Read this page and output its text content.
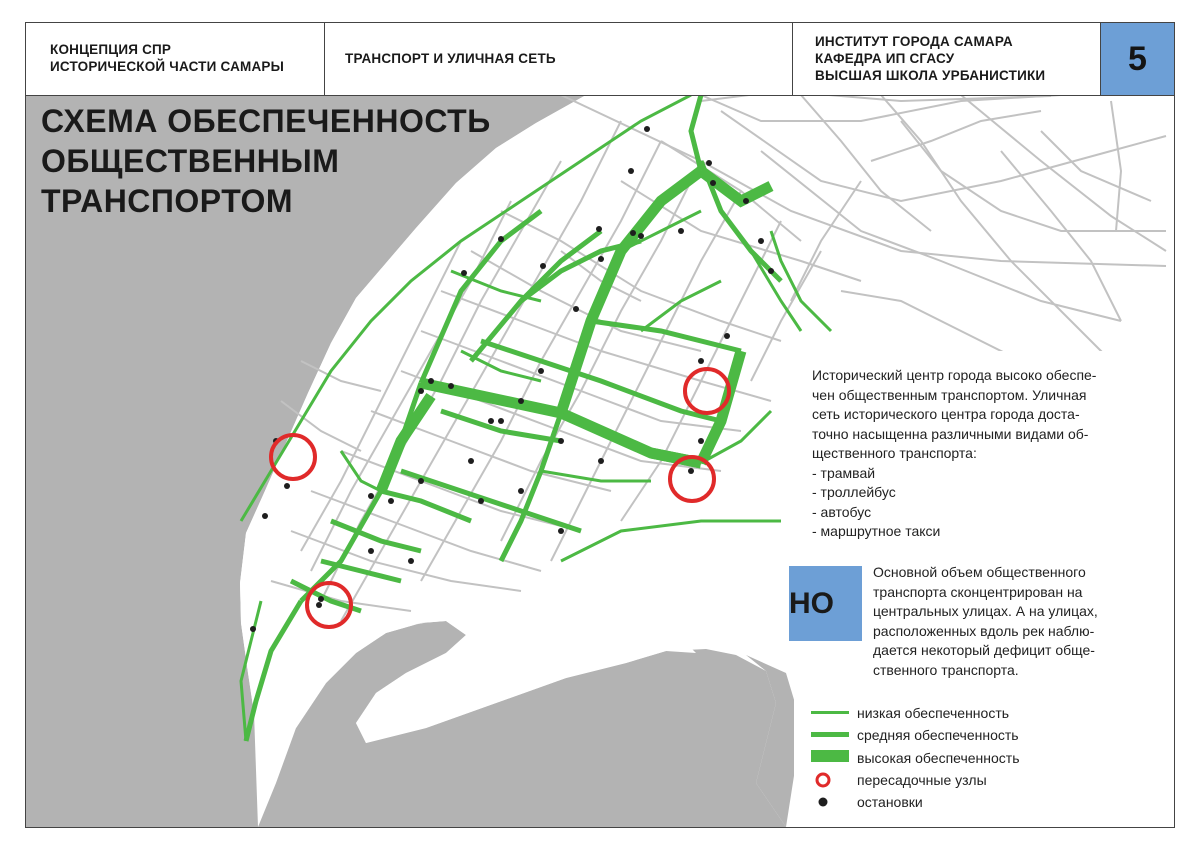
КОНЦЕПЦИЯ СПР
ИСТОРИЧЕСКОЙ ЧАСТИ САМАРЫ
ТРАНСПОРТ И УЛИЧНАЯ СЕТЬ
ИНСТИТУТ ГОРОДА САМАРА
КАФЕДРА ИП СГАСУ
ВЫСШАЯ ШКОЛА УРБАНИСТИКИ	5
СХЕМА ОБЕСПЕЧЕННОСТЬ
ОБЩЕСТВЕННЫМ
ТРАНСПОРТОМ
Исторический центр города высоко обеспе-
чен общественным транспортом. Уличная
сеть исторического центра города доста-
точно насыщенна различными видами об-
щественного транспорта:
- трамвай
- троллейбус
- автобус
- маршрутное такси
НО
Основной объем общественного
транспорта сконцентрирован на
центральных улицах. А на улицах,
расположенных вдоль рек наблю-
дается некоторый дефицит обще-
ственного транспорта.
низкая обеспеченность
средняя обеспеченность
высокая обеспеченность
пересадочные узлы
остановки
